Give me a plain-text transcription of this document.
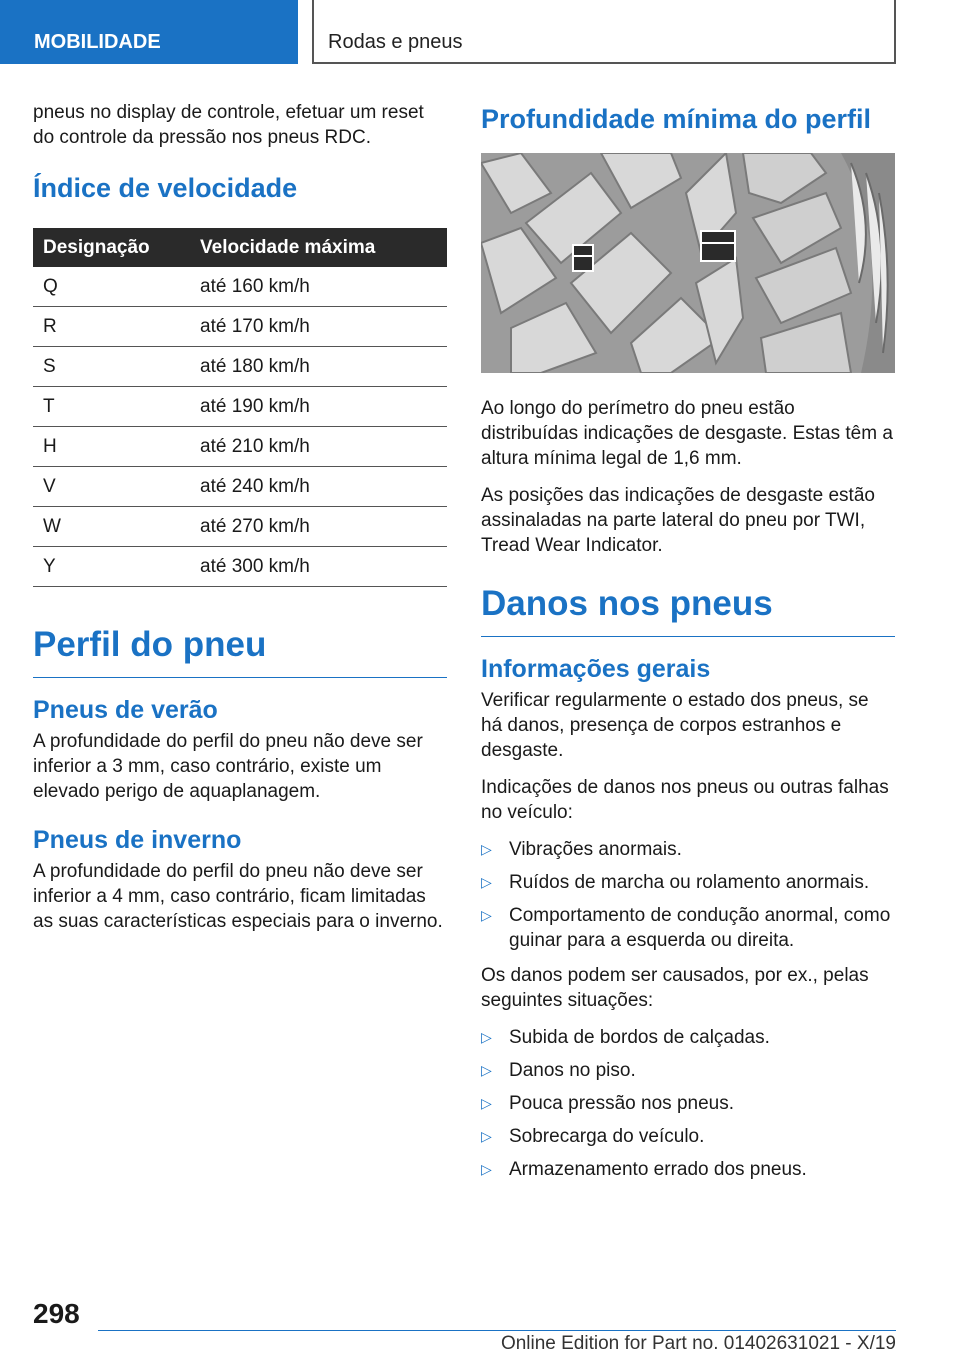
MOBILIDADE	Rodas e pneus

pneus no display de controle, efetuar um reset do controle da pressão nos pneus RDC.

Índice de velocidade
Designação	Velocidade máxima
Q	até 160 km/h
R	até 170 km/h
S	até 180 km/h
T	até 190 km/h
H	até 210 km/h
V	até 240 km/h
W	até 270 km/h
Y	até 300 km/h
Perfil do pneu
Pneus de verão

A profundidade do perfil do pneu não deve ser inferior a 3 mm, caso contrário, existe um elevado perigo de aquaplanagem.

Pneus de inverno

A profundidade do perfil do pneu não deve ser inferior a 4 mm, caso contrário, ficam limitadas as suas características especiais para o inverno.

Profundidade mínima do perfil

Ao longo do perímetro do pneu estão distribuídas indicações de desgaste. Estas têm a altura mínima legal de 1,6 mm.

As posições das indicações de desgaste estão assinaladas na parte lateral do pneu por TWI, Tread Wear Indicator.

Danos nos pneus
Informações gerais

Verificar regularmente o estado dos pneus, se há danos, presença de corpos estranhos e desgaste.

Indicações de danos nos pneus ou outras falhas no veículo:

▷ Vibrações anormais.
▷ Ruídos de marcha ou rolamento anormais.
▷ Comportamento de condução anormal, como guinar para a esquerda ou direita.

Os danos podem ser causados, por ex., pelas seguintes situações:

▷ Subida de bordos de calçadas.
▷ Danos no piso.
▷ Pouca pressão nos pneus.
▷ Sobrecarga do veículo.
▷ Armazenamento errado dos pneus.
298
Online Edition for Part no. 01402631021 - X/19
